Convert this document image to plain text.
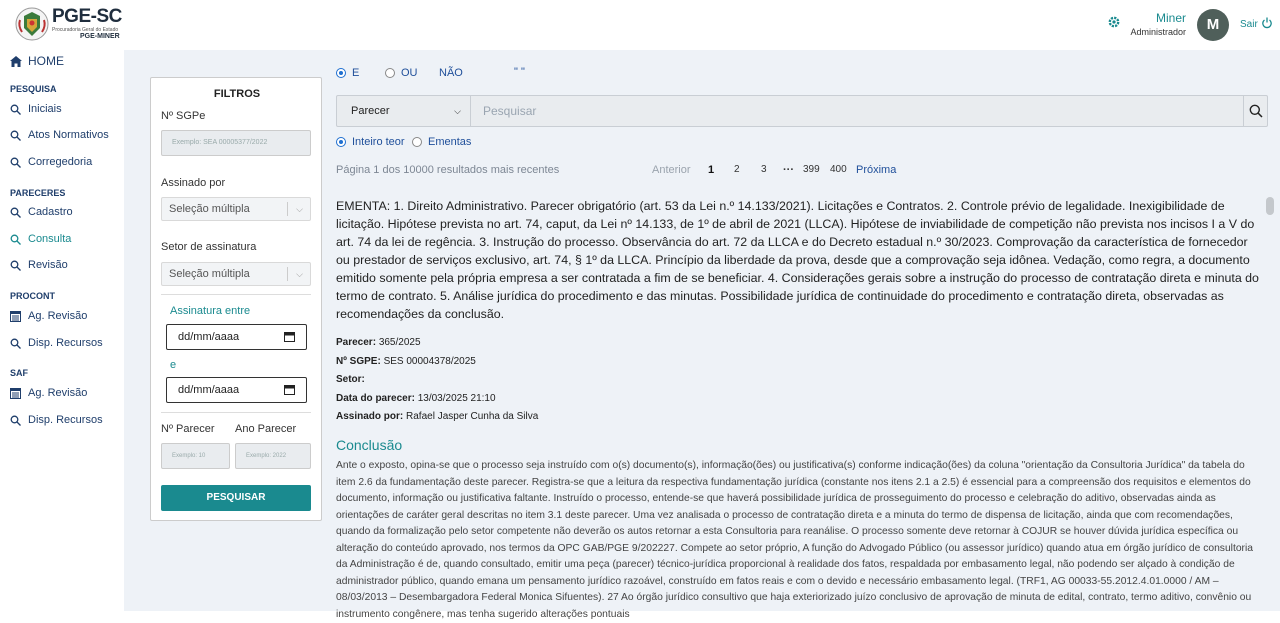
PGE-SC
Procuradoria Geral do Estado
PGE-MINER
Miner
Administrador	M	Sair
HOME
PESQUISA
Iniciais
Atos Normativos
Corregedoria
PARECERES
Cadastro
Consulta
Revisão
PROCONT
Ag. Revisão
Disp. Recursos
SAF
Ag. Revisão
Disp. Recursos
FILTROS
Nº SGPe
Exemplo: SEA 00005377/2022
Assinado por
Seleção múltipla	⌵
Setor de assinatura
Seleção múltipla	⌵
Assinatura entre
dd/mm/aaaa
e
dd/mm/aaaa
Nº Parecer Ano Parecer
Exemplo: 10	Exemplo: 2022
PESQUISAR
E	OU NÃO	" "
Parecer	⌵ Pesquisar
Inteiro teor Ementas
Página 1 dos 10000 resultados mais recentes	Anterior 1 2 3 ··· 399 400 Próxima
EMENTA: 1. Direito Administrativo. Parecer obrigatório (art. 53 da Lei n.º 14.133/2021). Licitações e Contratos. 2. Controle prévio de legalidade. Inexigibilidade de licitação. Hipótese prevista no art. 74, caput, da Lei nº 14.133, de 1º de abril de 2021 (LLCA). Hipótese de inviabilidade de competição não prevista nos incisos I a V do art. 74 da lei de regência. 3. Instrução do processo. Observância do art. 72 da LLCA e do Decreto estadual n.º 30/2023. Comprovação da característica de fornecedor ou prestador de serviços exclusivo, art. 74, § 1º da LLCA. Princípio da liberdade da prova, desde que a comprovação seja idônea. Vedação, como regra, a documento emitido somente pela própria empresa a ser contratada a fim de se beneficiar. 4. Considerações gerais sobre a instrução do processo de contratação direta e minuta do termo de contrato. 5. Análise jurídica do procedimento e das minutas. Possibilidade jurídica de continuidade do procedimento e contratação direta, observadas as recomendações da conclusão.
Parecer: 365/2025
Nº SGPE: SES 00004378/2025
Setor:
Data do parecer: 13/03/2025 21:10
Assinado por: Rafael Jasper Cunha da Silva
Conclusão
Ante o exposto, opina-se que o processo seja instruído com o(s) documento(s), informação(ões) ou justificativa(s) conforme indicação(ões) da coluna "orientação da Consultoria Jurídica" da tabela do item 2.6 da fundamentação deste parecer. Registra-se que a leitura da respectiva fundamentação jurídica (constante nos itens 2.1 a 2.5) é essencial para a compreensão dos requisitos e elementos do documento, informação ou justificativa faltante. Instruído o processo, entende-se que haverá possibilidade jurídica de prosseguimento do processo e celebração do aditivo, observadas ainda as orientações de caráter geral descritas no item 3.1 deste parecer. Uma vez analisada o processo de contratação direta e a minuta do termo de dispensa de licitação, ainda que com recomendações, quando da formalização pelo setor competente não deverão os autos retornar a esta Consultoria para reanálise. O processo somente deve retornar à COJUR se houver dúvida jurídica específica ou alteração do conteúdo aprovado, nos termos da OPC GAB/PGE 9/202227. Compete ao setor próprio, A função do Advogado Público (ou assessor jurídico) quando atua em órgão jurídico de consultoria da Administração é de, quando consultado, emitir uma peça (parecer) técnico-jurídica proporcional à realidade dos fatos, respaldada por embasamento legal, não podendo ser alçado à condição de administrador público, quando emana um pensamento jurídico razoável, construído em fatos reais e com o devido e necessário embasamento legal. (TRF1, AG 00033-55.2012.4.01.0000 / AM – 08/03/2013 – Desembargadora Federal Monica Sifuentes). 27 Ao órgão jurídico consultivo que haja exteriorizado juízo conclusivo de aprovação de minuta de edital, contrato, termo aditivo, convênio ou instrumento congênere, mas tenha sugerido alterações pontuais
